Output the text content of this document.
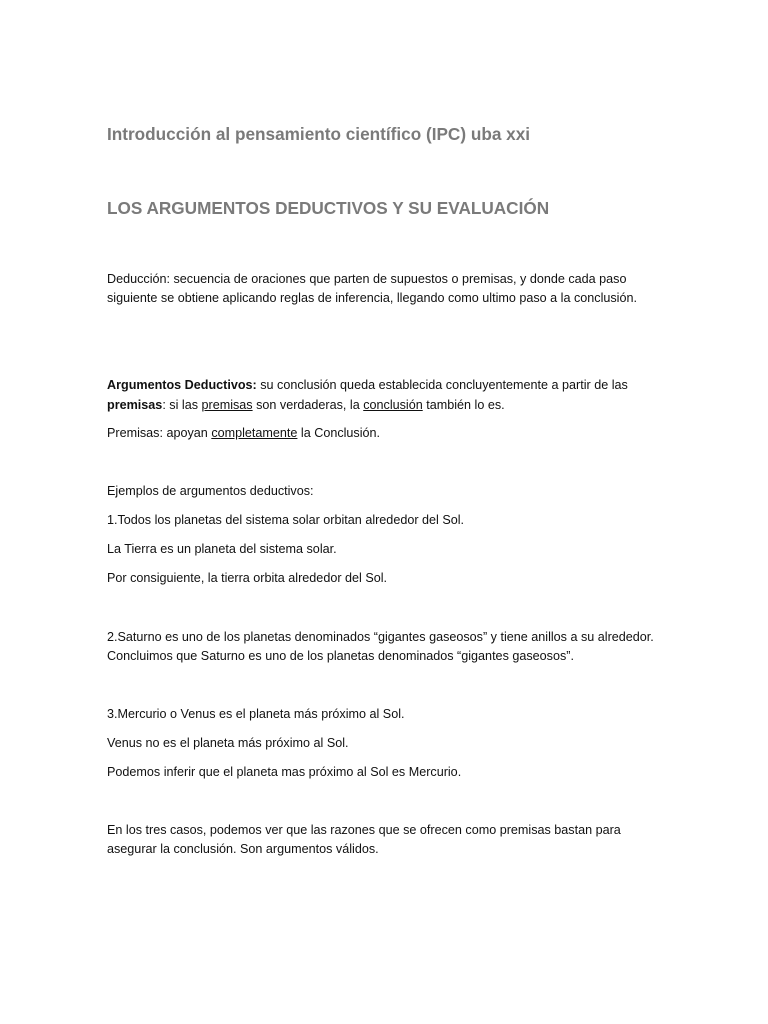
Introducción al pensamiento científico (IPC) uba xxi
LOS ARGUMENTOS DEDUCTIVOS Y SU EVALUACIÓN

Deducción: secuencia de oraciones que parten de supuestos o premisas, y donde cada paso

siguiente se obtiene aplicando reglas de inferencia, llegando como ultimo paso a la conclusión.

Argumentos Deductivos: su conclusión queda establecida concluyentemente a partir de las

premisas: si las premisas son verdaderas, la conclusión también lo es.

Premisas: apoyan completamente la Conclusión.

Ejemplos de argumentos deductivos:

1.Todos los planetas del sistema solar orbitan alrededor del Sol.

La Tierra es un planeta del sistema solar.

Por consiguiente, la tierra orbita alrededor del Sol.

2.Saturno es uno de los planetas denominados “gigantes gaseosos” y tiene anillos a su alrededor.

Concluimos que Saturno es uno de los planetas denominados “gigantes gaseosos”.

3.Mercurio o Venus es el planeta más próximo al Sol.

Venus no es el planeta más próximo al Sol.

Podemos inferir que el planeta mas próximo al Sol es Mercurio.

En los tres casos, podemos ver que las razones que se ofrecen como premisas bastan para

asegurar la conclusión. Son argumentos válidos.
